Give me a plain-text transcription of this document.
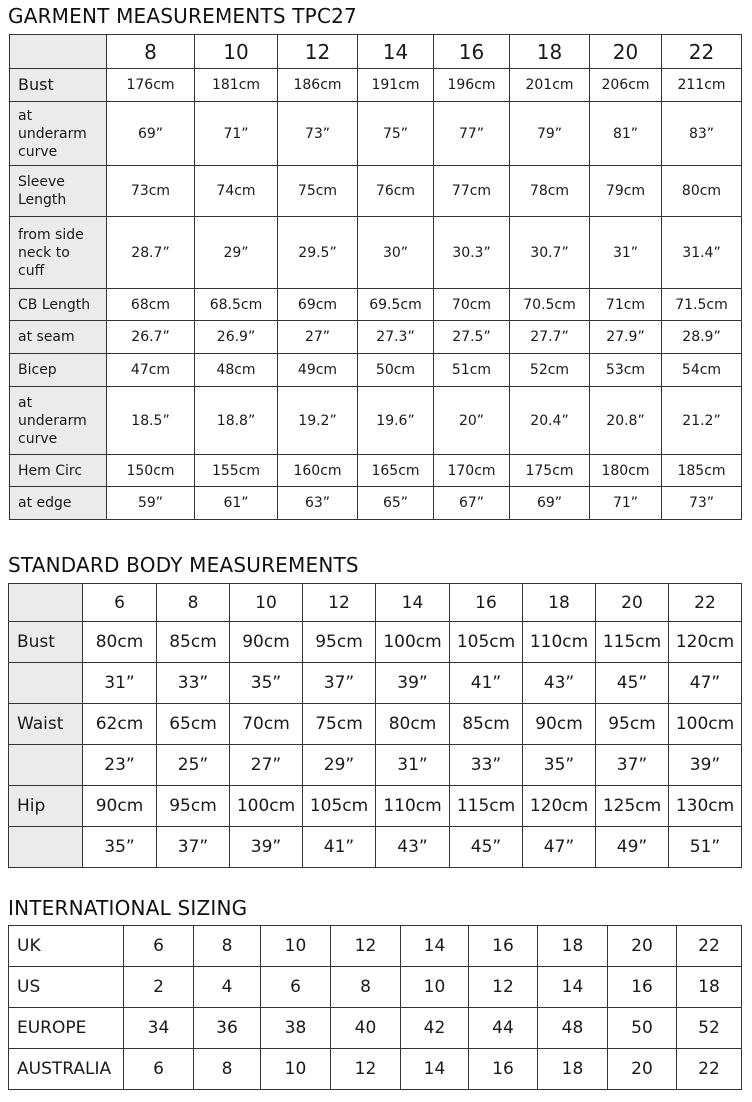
GARMENT MEASUREMENTS TPC27
	8	10	12	14	16	18	20	22

Bust	176cm	181cm	186cm	191cm	196cm	201cm	206cm	211cm

at
underarm
curve	69”	71”	73”	75”	77”	79”	81”	83”

Sleeve
Length	73cm	74cm	75cm	76cm	77cm	78cm	79cm	80cm

from side
neck to
cuff	28.7”	29”	29.5”	30”	30.3”	30.7”	31”	31.4”

CB Length	68cm	68.5cm	69cm	69.5cm	70cm	70.5cm	71cm	71.5cm

at seam	26.7”	26.9”	27”	27.3”	27.5”	27.7”	27.9”	28.9”

Bicep	47cm	48cm	49cm	50cm	51cm	52cm	53cm	54cm

at
underarm
curve	18.5”	18.8”	19.2”	19.6”	20”	20.4”	20.8”	21.2”

Hem Circ	150cm	155cm	160cm	165cm	170cm	175cm	180cm	185cm

at edge	59”	61”	63”	65”	67”	69”	71”	73”
STANDARD BODY MEASUREMENTS
	6	8	10	12	14	16	18	20	22
Bust	80cm	85cm	90cm	95cm	100cm	105cm	110cm	115cm	120cm
	31”	33”	35”	37”	39”	41”	43”	45”	47”
Waist	62cm	65cm	70cm	75cm	80cm	85cm	90cm	95cm	100cm
	23”	25”	27”	29”	31”	33”	35”	37”	39”
Hip	90cm	95cm	100cm	105cm	110cm	115cm	120cm	125cm	130cm
	35”	37”	39”	41”	43”	45”	47”	49”	51”
INTERNATIONAL SIZING
UK	6	8	10	12	14	16	18	20	22
US	2	4	6	8	10	12	14	16	18
EUROPE	34	36	38	40	42	44	48	50	52
AUSTRALIA	6	8	10	12	14	16	18	20	22
